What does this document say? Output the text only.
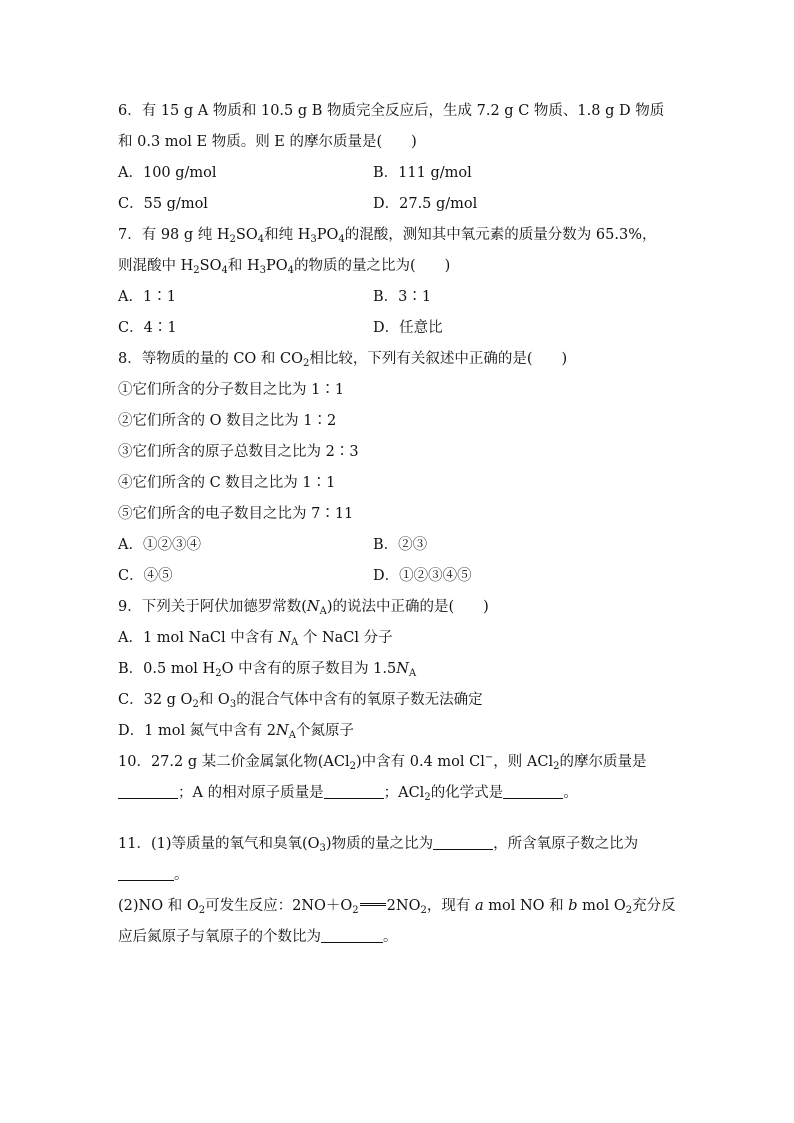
6．有 15 g A 物质和 10.5 g B 物质完全反应后，生成 7.2 g C 物质、1.8 g D 物质
和 0.3 mol E 物质。则 E 的摩尔质量是(　　)
A．100 g/mol	B．111 g/mol
C．55 g/mol	D．27.5 g/mol
7．有 98 g 纯 $H_2SO_4$和纯 $H_3PO_4$的混酸，测知其中氧元素的质量分数为 65.3%，
则混酸中 $H_2SO_4$和 $H_3PO_4$的物质的量之比为(　　)
A．1∶1	B．3∶1
C．4∶1	D．任意比
8．等物质的量的 CO 和 $CO_2$相比较，下列有关叙述中正确的是(　　)
①它们所含的分子数目之比为 1∶1
②它们所含的 O 数目之比为 1∶2
③它们所含的原子总数目之比为 2∶3
④它们所含的 C 数目之比为 1∶1
⑤它们所含的电子数目之比为 7∶11
A．①②③④	B．②③
C．④⑤	D．①②③④⑤
9．下列关于阿伏加德罗常数$(N_A)$的说法中正确的是(　　)
A．1 mol NaCl 中含有 $N_A$ 个 NaCl 分子
B．0.5 mol $H_2O$ 中含有的原子数目为 $1.5N_A$
C．32 g $O_2$和 $O_3$的混合气体中含有的氧原子数无法确定
D．1 mol 氮气中含有 $2N_A$个氮原子
10．27.2 g 某二价金属氯化物(ACl$_2$)中含有 0.4 mol Cl−，则 ACl$_2$的摩尔质量是
；A 的相对原子质量是	；ACl$_2$的化学式是	。
11．(1)等质量的氧气和臭氧$(O_3)$物质的量之比为	，所含氧原子数之比为
。
(2)NO 和 $O_2$可发生反应：$2NO+O_2$ $2NO_2$，现有 a mol NO 和 b mol $O_2$充分反
应后氮原子与氧原子的个数比为	。
